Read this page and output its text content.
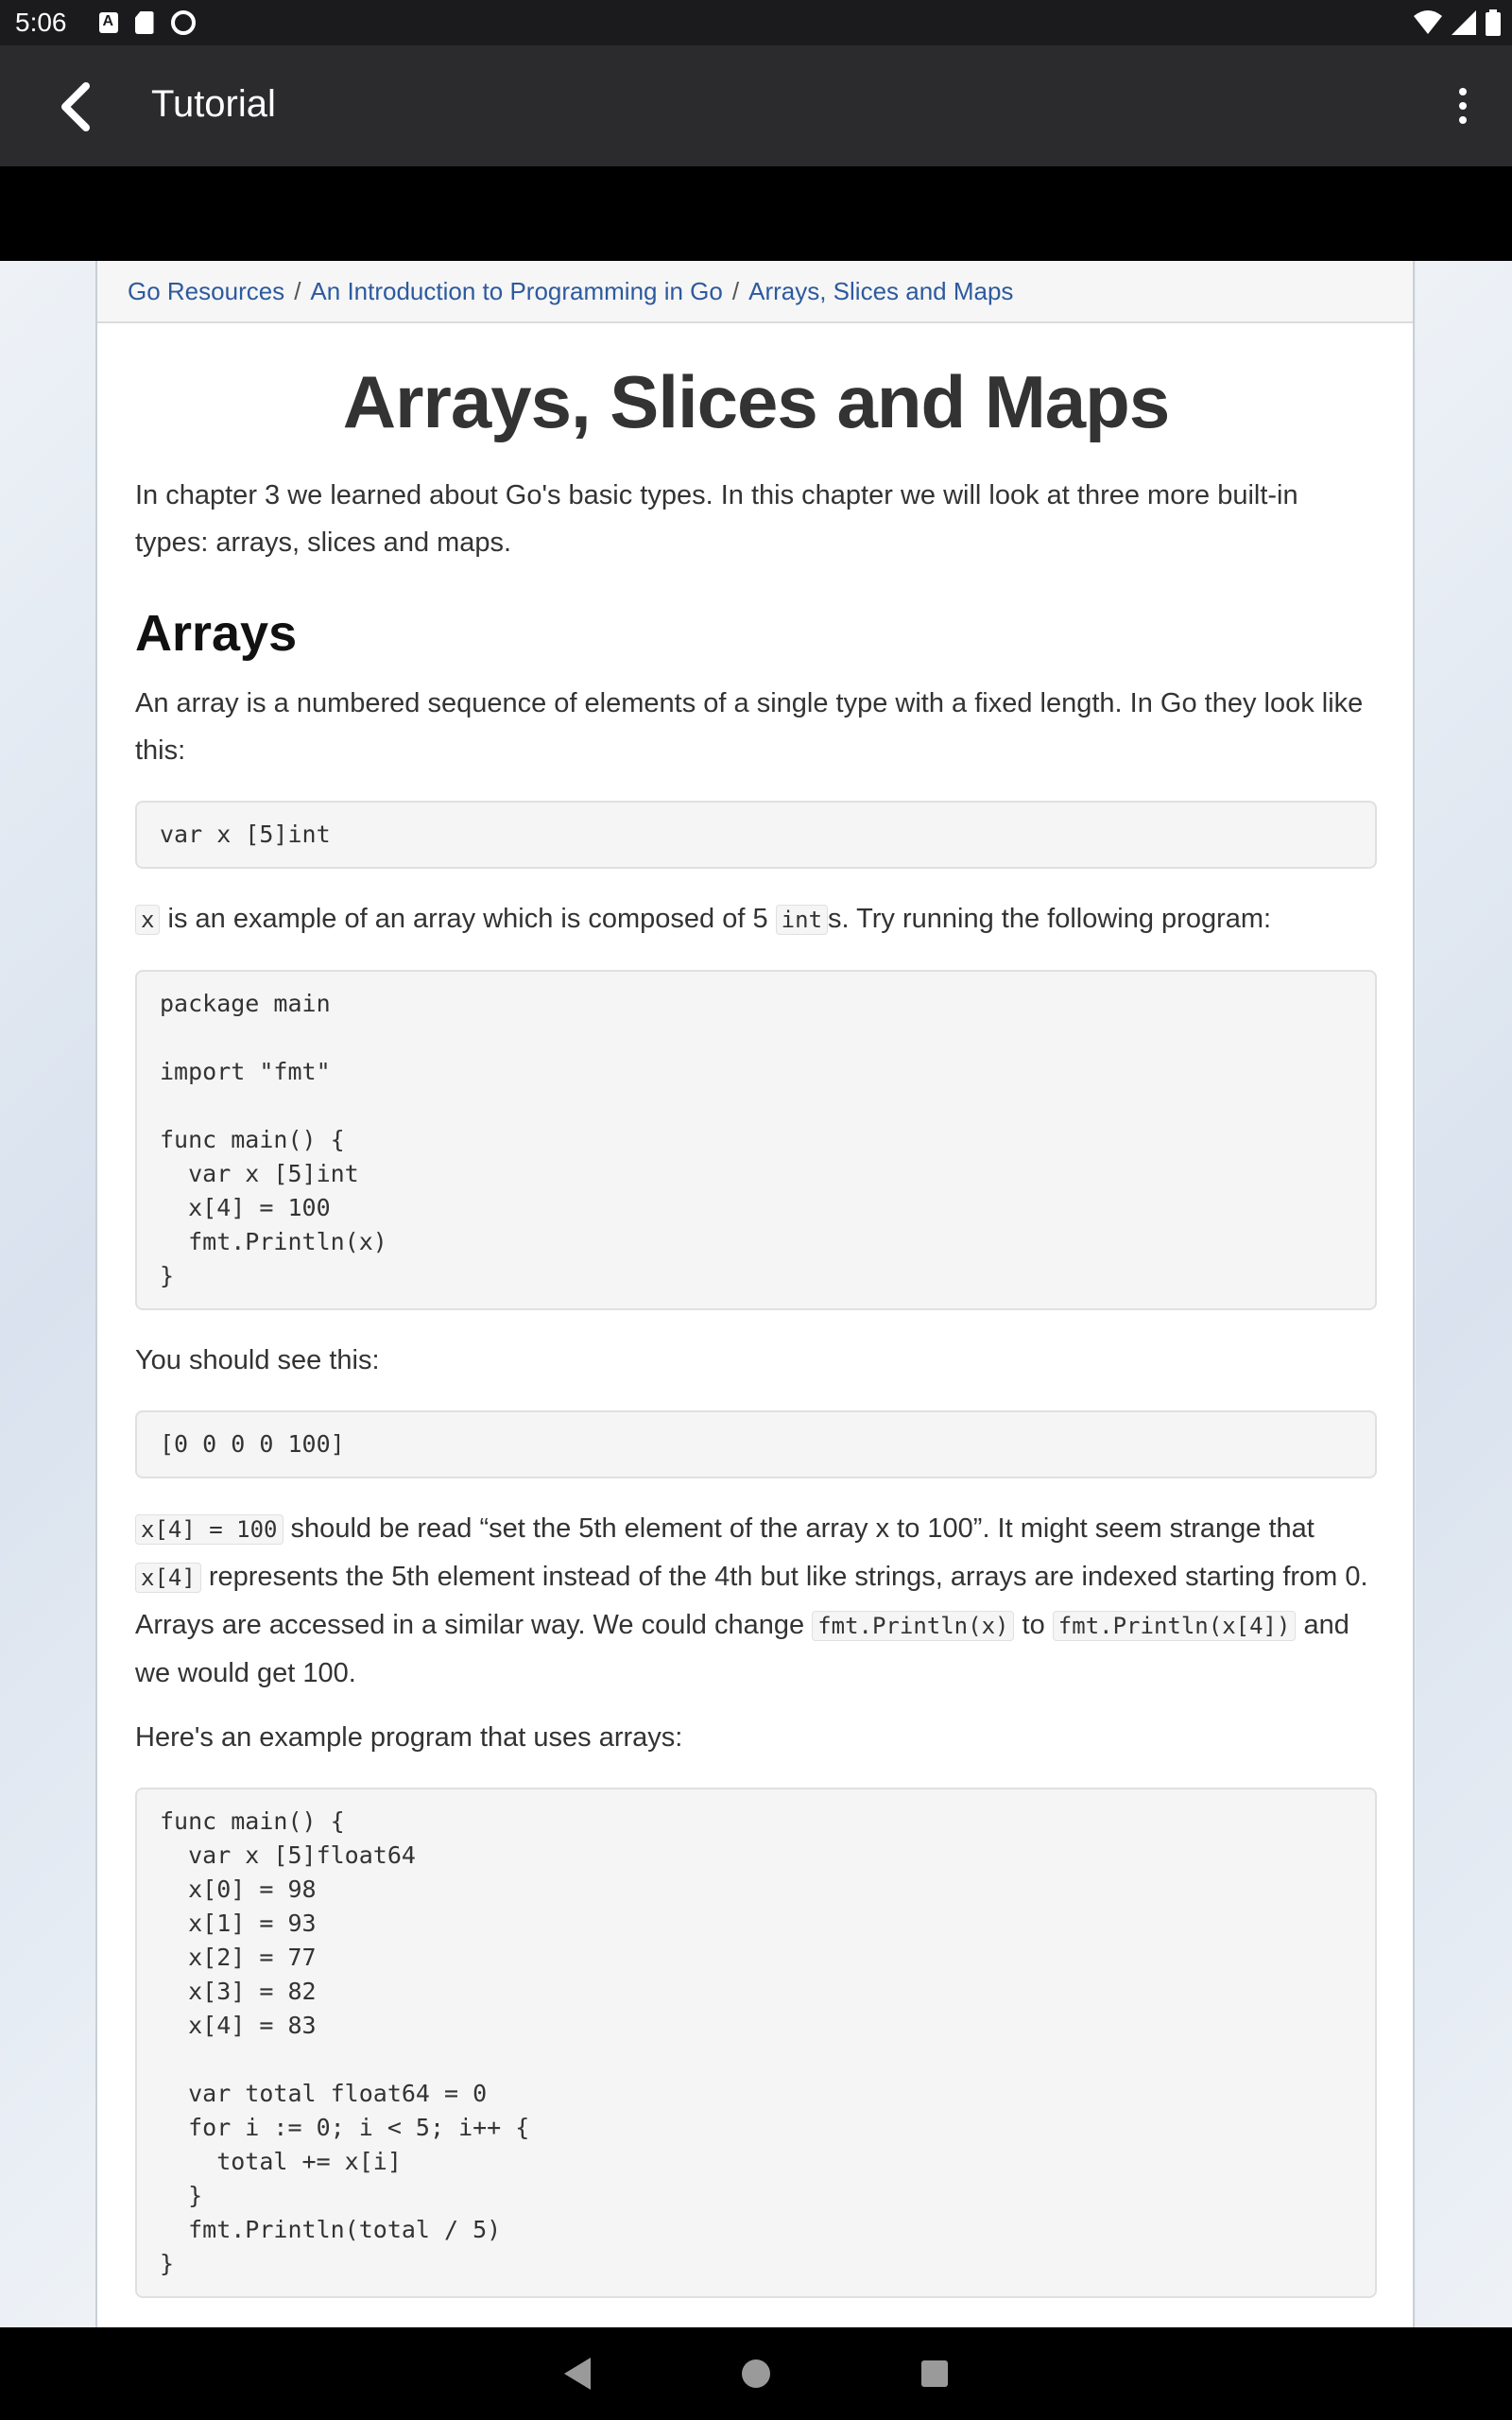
5:06
A
Tutorial
Go Resources / An Introduction to Programming in Go / Arrays, Slices and Maps
Arrays, Slices and Maps

In chapter 3 we learned about Go's basic types. In this chapter we will look at three more built-in types: arrays, slices and maps.

Arrays

An array is a numbered sequence of elements of a single type with a fixed length. In Go they look like this:

var x [5]int

x is an example of an array which is composed of 5 int s. Try running the following program:

package main

import "fmt"

func main() {
var x [5]int
x[4] = 100
fmt.Println(x)
}

You should see this:

[0 0 0 0 100]

x[4] = 100 should be read “set the 5th element of the array x to 100”. It might seem strange that x[4] represents the 5th element instead of the 4th but like strings, arrays are indexed starting from 0. Arrays are accessed in a similar way. We could change fmt.Println(x) to fmt.Println(x[4]) and we would get 100.

Here's an example program that uses arrays:

func main() {
var x [5]float64
x[0] = 98
x[1] = 93
x[2] = 77
x[3] = 82
x[4] = 83

var total float64 = 0
for i := 0; i < 5; i++ {
total += x[i]
}
fmt.Println(total / 5)
}
